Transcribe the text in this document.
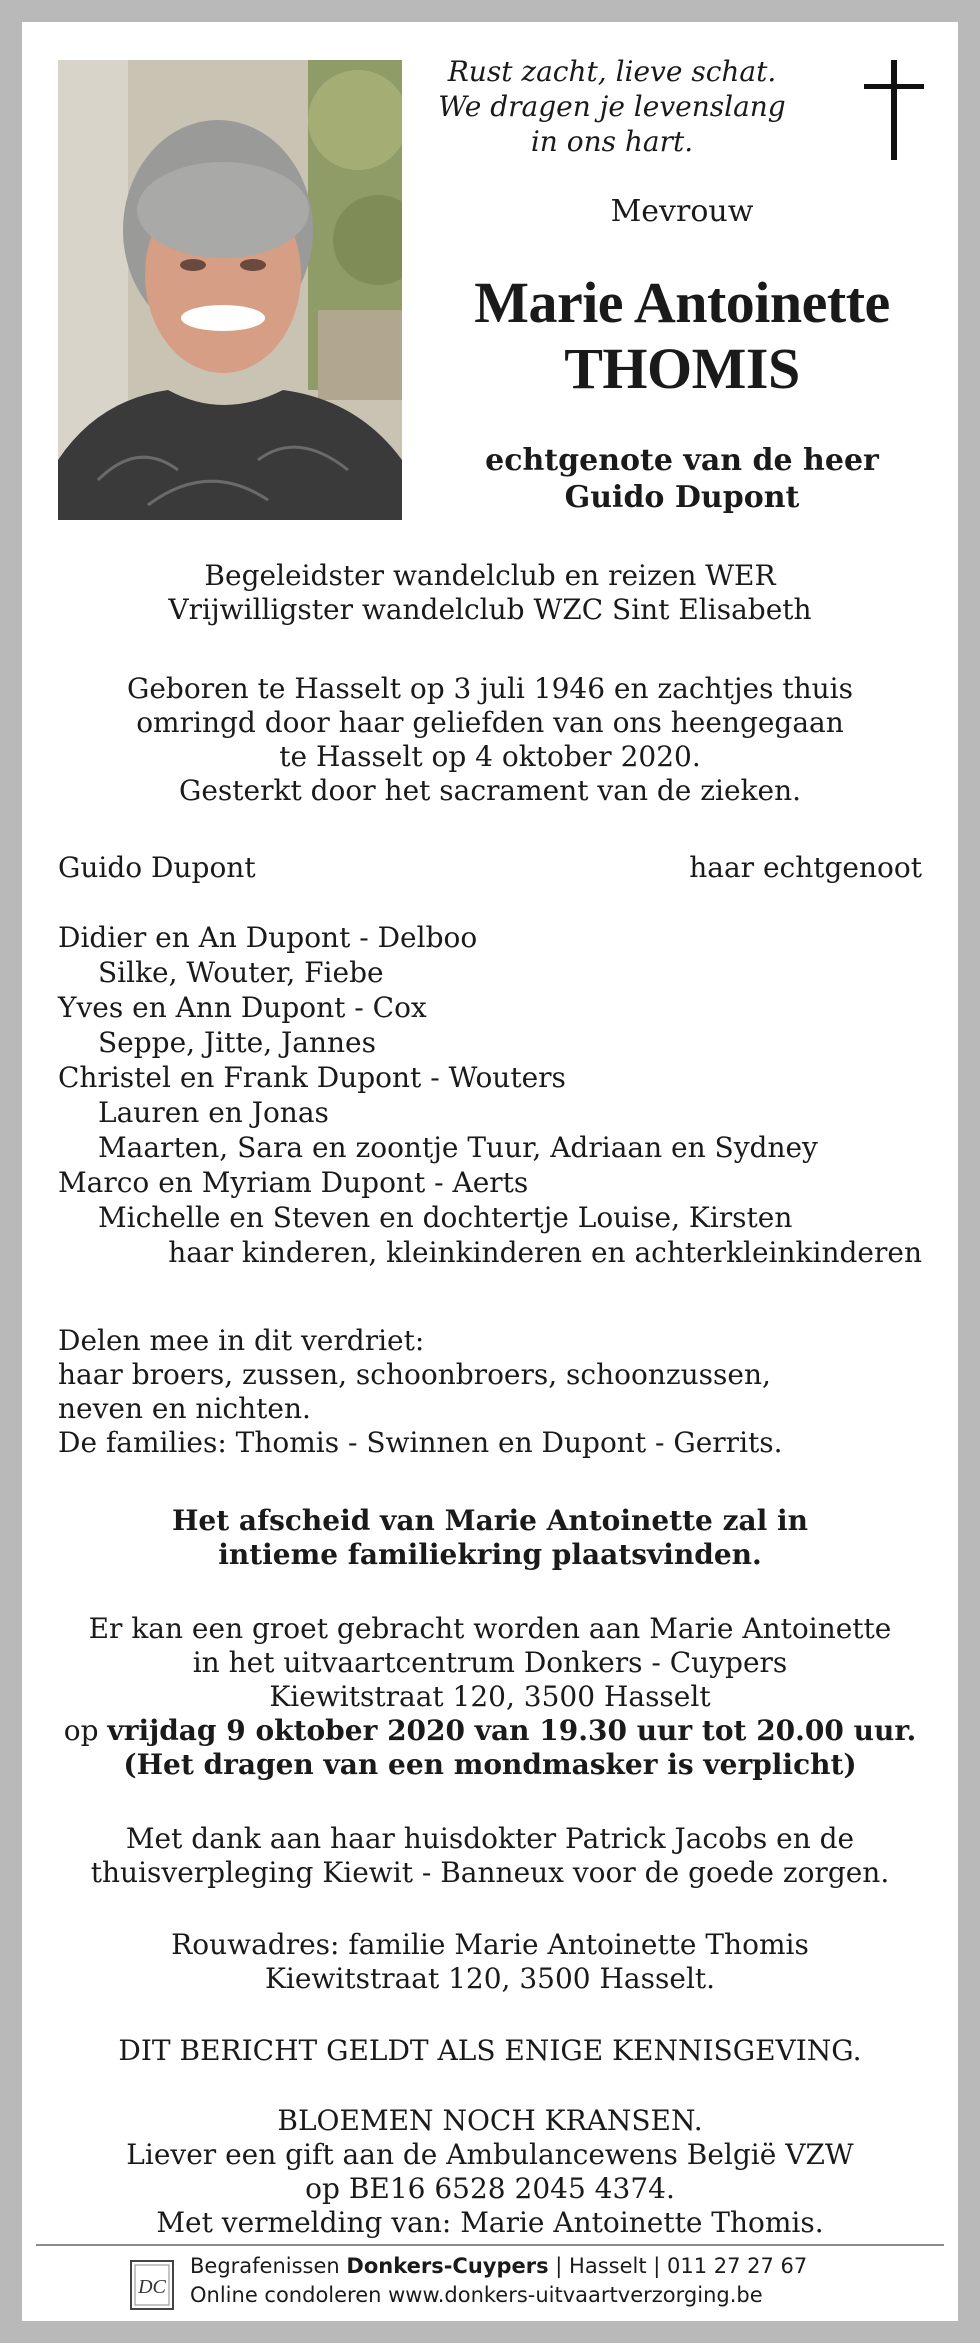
Rust zacht, lieve schat.
We dragen je levenslang
in ons hart.
Mevrouw
Marie Antoinette
THOMIS
echtgenote van de heer
Guido Dupont
Begeleidster wandelclub en reizen WER
Vrijwilligster wandelclub WZC Sint Elisabeth
Geboren te Hasselt op 3 juli 1946 en zachtjes thuis
omringd door haar geliefden van ons heengegaan
te Hasselt op 4 oktober 2020.
Gesterkt door het sacrament van de zieken.
Guido Dupont	haar echtgenoot
Didier en An Dupont - Delboo
Silke, Wouter, Fiebe
Yves en Ann Dupont - Cox
Seppe, Jitte, Jannes
Christel en Frank Dupont - Wouters
Lauren en Jonas
Maarten, Sara en zoontje Tuur, Adriaan en Sydney
Marco en Myriam Dupont - Aerts
Michelle en Steven en dochtertje Louise, Kirsten
haar kinderen, kleinkinderen en achterkleinkinderen
Delen mee in dit verdriet:
haar broers, zussen, schoonbroers, schoonzussen,
neven en nichten.
De families: Thomis - Swinnen en Dupont - Gerrits.
Het afscheid van Marie Antoinette zal in
intieme familiekring plaatsvinden.
Er kan een groet gebracht worden aan Marie Antoinette
in het uitvaartcentrum Donkers - Cuypers
Kiewitstraat 120, 3500 Hasselt
op vrijdag 9 oktober 2020 van 19.30 uur tot 20.00 uur.
(Het dragen van een mondmasker is verplicht)
Met dank aan haar huisdokter Patrick Jacobs en de
thuisverpleging Kiewit - Banneux voor de goede zorgen.
Rouwadres: familie Marie Antoinette Thomis
Kiewitstraat 120, 3500 Hasselt.
DIT BERICHT GELDT ALS ENIGE KENNISGEVING.
BLOEMEN NOCH KRANSEN.
Liever een gift aan de Ambulancewens België VZW
op BE16 6528 2045 4374.
Met vermelding van: Marie Antoinette Thomis.
DC
Begrafenissen Donkers-Cuypers | Hasselt | 011 27 27 67
Online condoleren www.donkers-uitvaartverzorging.be
